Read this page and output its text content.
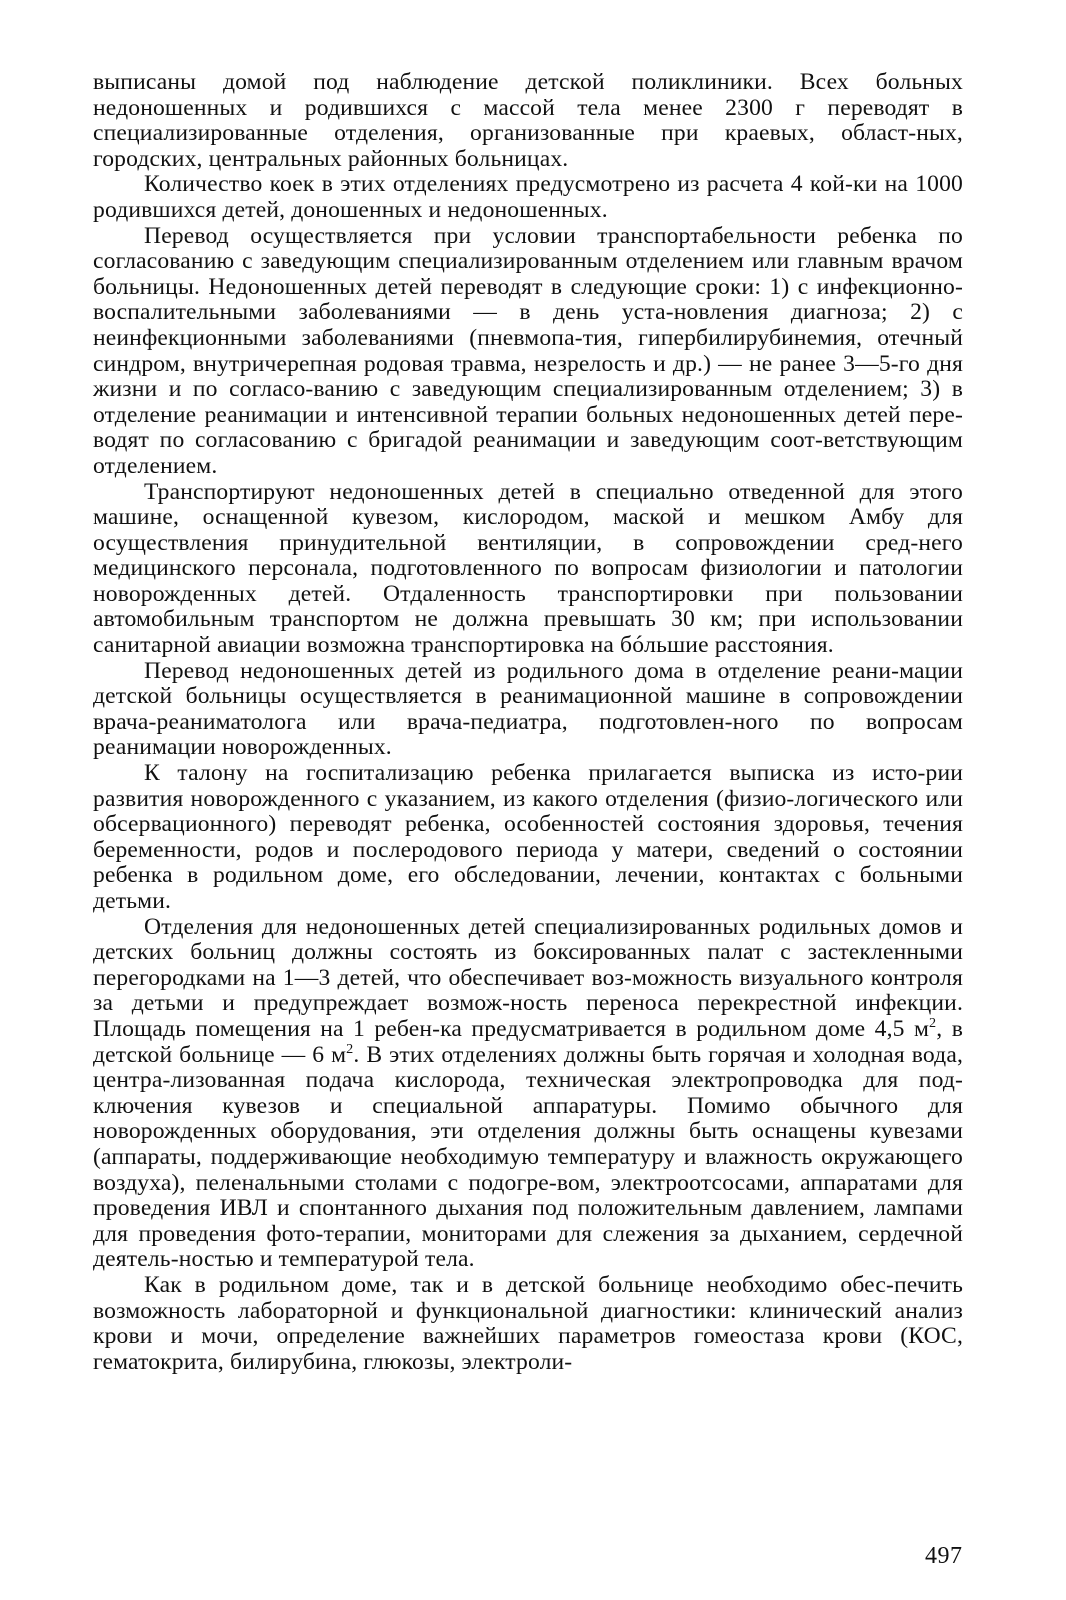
выписаны домой под наблюдение детской поликлиники. Всех больных недоношенных и родившихся с массой тела менее 2300 г переводят в специализированные отделения, организованные при краевых, област-ных, городских, центральных районных больницах.

Количество коек в этих отделениях предусмотрено из расчета 4 кой-ки на 1000 родившихся детей, доношенных и недоношенных.

Перевод осуществляется при условии транспортабельности ребенка по согласованию с заведующим специализированным отделением или главным врачом больницы. Недоношенных детей переводят в следующие сроки: 1) с инфекционно-воспалительными заболеваниями — в день уста-новления диагноза; 2) с неинфекционными заболеваниями (пневмопа-тия, гипербилирубинемия, отечный синдром, внутричерепная родовая травма, незрелость и др.) — не ранее 3—5-го дня жизни и по согласо-ванию с заведующим специализированным отделением; 3) в отделение реанимации и интенсивной терапии больных недоношенных детей пере-водят по согласованию с бригадой реанимации и заведующим соот-ветствующим отделением.

Транспортируют недоношенных детей в специально отведенной для этого машине, оснащенной кувезом, кислородом, маской и мешком Амбу для осуществления принудительной вентиляции, в сопровождении сред-него медицинского персонала, подготовленного по вопросам физиологии и патологии новорожденных детей. Отдаленность транспортировки при пользовании автомобильным транспортом не должна превышать 30 км; при использовании санитарной авиации возможна транспортировка на бóльшие расстояния.

Перевод недоношенных детей из родильного дома в отделение реани-мации детской больницы осуществляется в реанимационной машине в сопровождении врача-реаниматолога или врача-педиатра, подготовлен-ного по вопросам реанимации новорожденных.

К талону на госпитализацию ребенка прилагается выписка из исто-рии развития новорожденного с указанием, из какого отделения (физио-логического или обсервационного) переводят ребенка, особенностей состояния здоровья, течения беременности, родов и послеродового периода у матери, сведений о состоянии ребенка в родильном доме, его обследовании, лечении, контактах с больными детьми.

Отделения для недоношенных детей специализированных родильных домов и детских больниц должны состоять из боксированных палат с застекленными перегородками на 1—3 детей, что обеспечивает воз-можность визуального контроля за детьми и предупреждает возмож-ность переноса перекрестной инфекции. Площадь помещения на 1 ребен-ка предусматривается в родильном доме 4,5 $м^2$, в детской больнице — 6 $м^2$. В этих отделениях должны быть горячая и холодная вода, центра-лизованная подача кислорода, техническая электропроводка для под-ключения кувезов и специальной аппаратуры. Помимо обычного для новорожденных оборудования, эти отделения должны быть оснащены кувезами (аппараты, поддерживающие необходимую температуру и влажность окружающего воздуха), пеленальными столами с подогре-вом, электроотсосами, аппаратами для проведения ИВЛ и спонтанного дыхания под положительным давлением, лампами для проведения фото-терапии, мониторами для слежения за дыханием, сердечной деятель-ностью и температурой тела.

Как в родильном доме, так и в детской больнице необходимо обес-печить возможность лабораторной и функциональной диагностики: клинический анализ крови и мочи, определение важнейших параметров гомеостаза крови (КОС, гематокрита, билирубина, глюкозы, электроли-

497
